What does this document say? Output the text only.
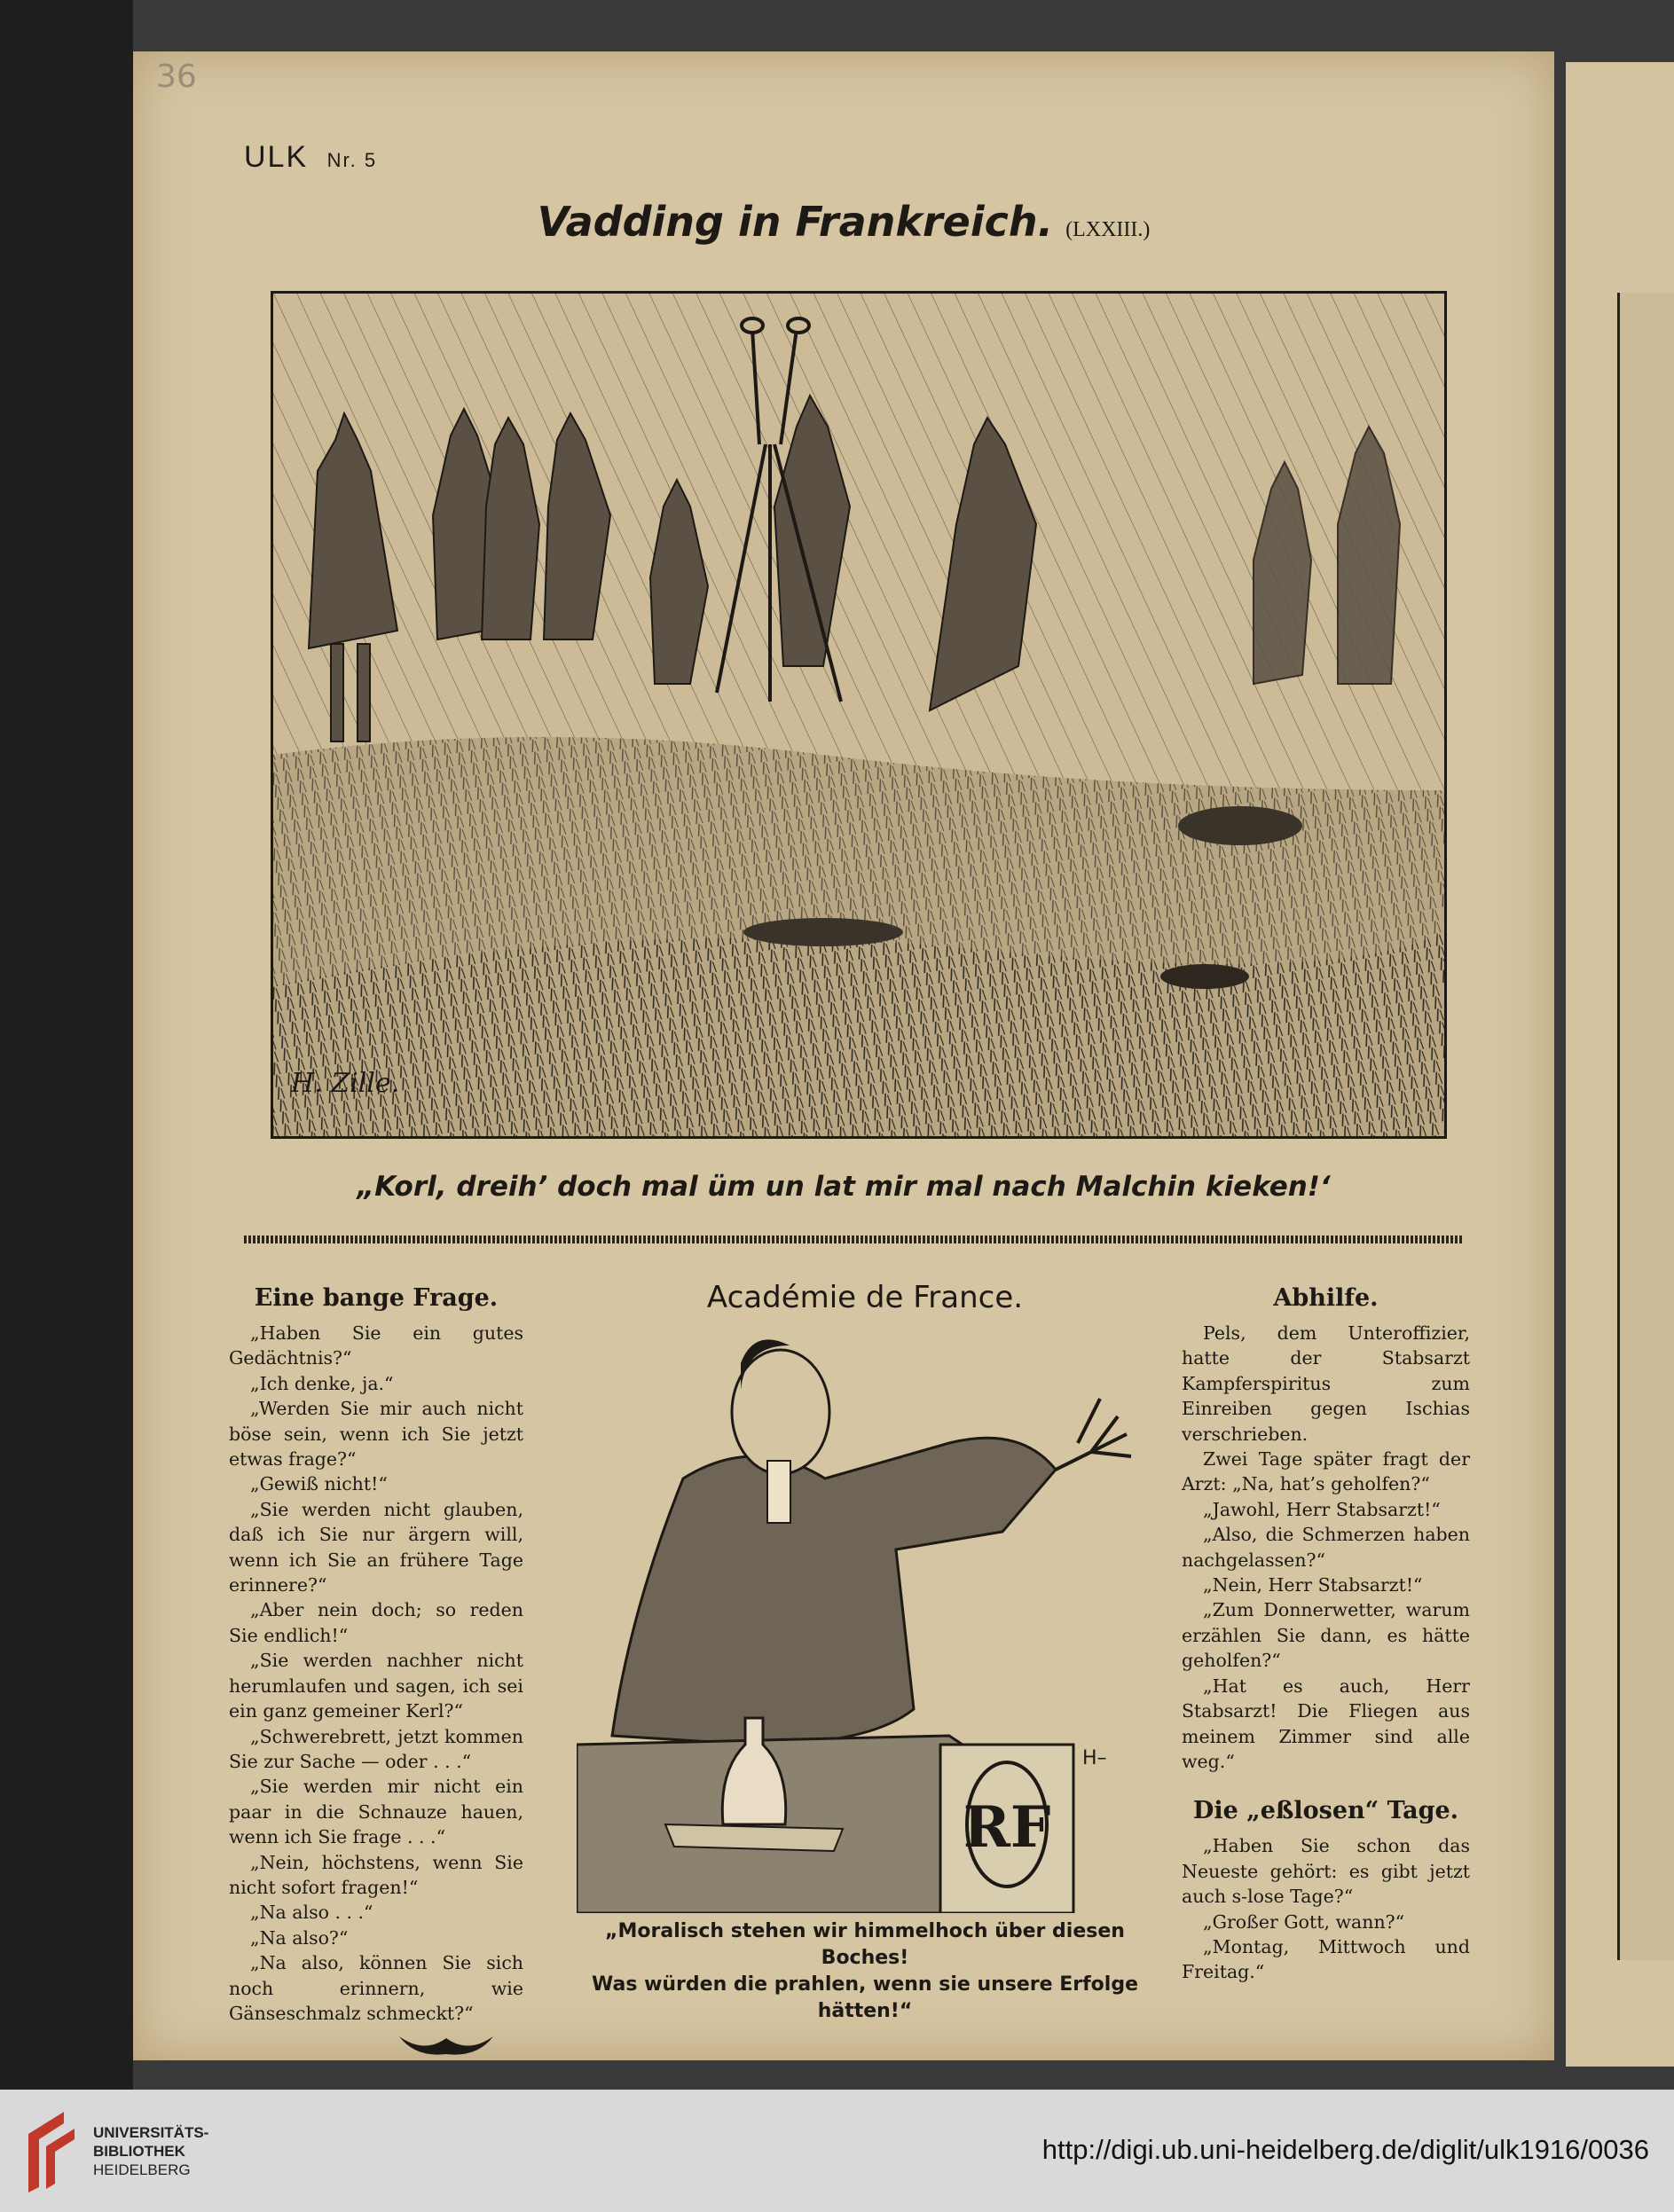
36
ULK Nr. 5
Vadding in Frankreich. (LXXIII.)
H. Zille.
„Korl, dreih’ doch mal üm un lat mir mal nach Malchin kieken!‘
Eine bange Frage.

„Haben Sie ein gutes Gedächtnis?“

„Ich denke, ja.“

„Werden Sie mir auch nicht böse sein, wenn ich Sie jetzt etwas frage?“

„Gewiß nicht!“

„Sie werden nicht glauben, daß ich Sie nur ärgern will, wenn ich Sie an frühere Tage erinnere?“

„Aber nein doch; so reden Sie endlich!“

„Sie werden nachher nicht herumlaufen und sagen, ich sei ein ganz gemeiner Kerl?“

„Schwerebrett, jetzt kommen Sie zur Sache — oder . . .“

„Sie werden mir nicht ein paar in die Schnauze hauen, wenn ich Sie frage . . .“

„Nein, höchstens, wenn Sie nicht sofort fragen!“

„Na also . . .“

„Na also?“

„Na also, können Sie sich noch erinnern, wie Gänseschmalz schmeckt?“

Académie de France.
RF
H–
„Moralisch stehen wir himmelhoch über diesen Boches!
Was würden die prahlen, wenn sie unsere Erfolge hätten!“
Abhilfe.

Pels, dem Unteroffizier, hatte der Stabsarzt Kampferspiritus zum Einreiben gegen Ischias verschrieben.

Zwei Tage später fragt der Arzt: „Na, hat’s geholfen?“

„Jawohl, Herr Stabsarzt!“

„Also, die Schmerzen haben nachgelassen?“

„Nein, Herr Stabsarzt!“

„Zum Donnerwetter, warum erzählen Sie dann, es hätte geholfen?“

„Hat es auch, Herr Stabsarzt! Die Fliegen aus meinem Zimmer sind alle weg.“

Die „eßlosen“ Tage.

„Haben Sie schon das Neueste gehört: es gibt jetzt auch s-lose Tage?“

„Großer Gott, wann?“

„Montag, Mittwoch und Freitag.“

UNIVERSITÄTS-
BIBLIOTHEK
HEIDELBERG
http://digi.ub.uni-heidelberg.de/diglit/ulk1916/0036
